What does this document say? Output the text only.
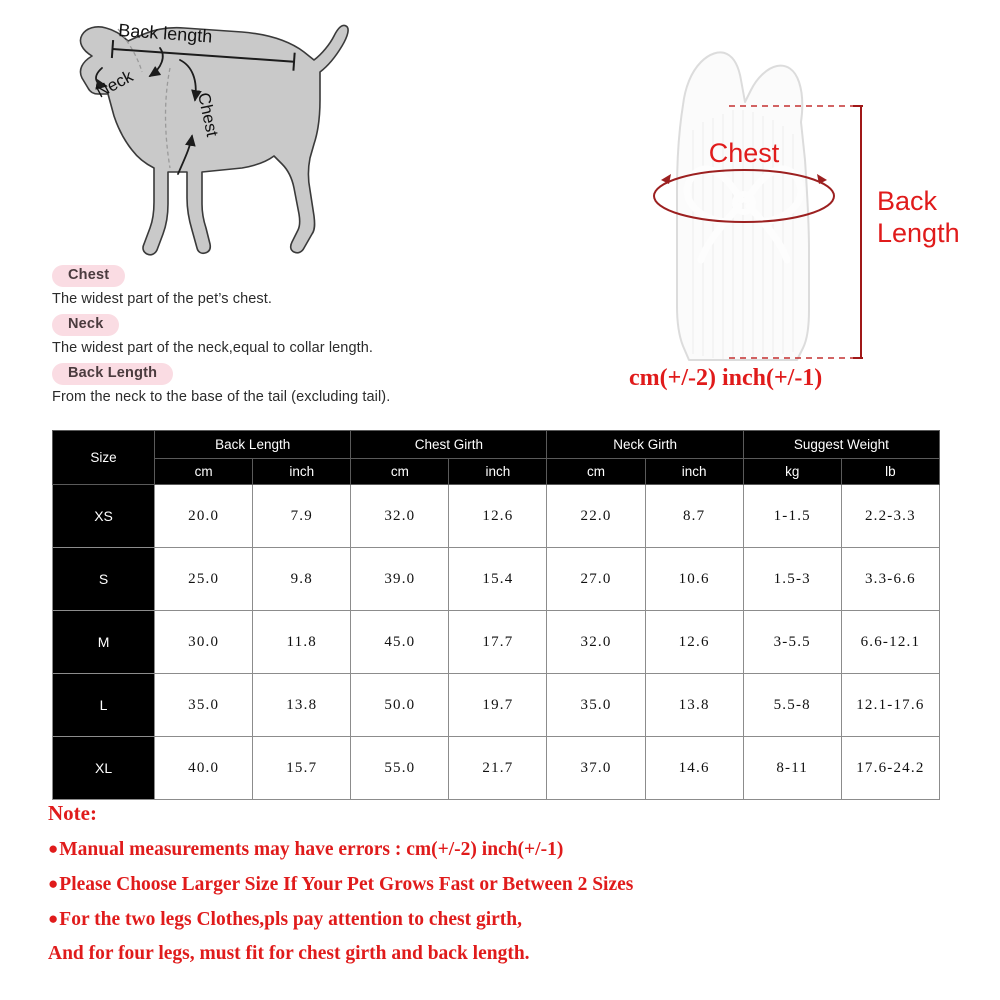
Back length
Neck
Chest
Chest
Back
Length
cm(+/-2) inch(+/-1)
Chest
The widest part of the pet’s chest.
Neck
The widest part of the neck,equal to collar length.
Back Length
From the neck to the base of the tail (excluding tail).
Size	Back Length		Chest Girth		Neck Girth		Suggest Weight	
	cm	inch	cm	inch	cm	inch	kg	lb
XS	20.0	7.9	32.0	12.6	22.0	8.7	1-1.5	2.2-3.3
S	25.0	9.8	39.0	15.4	27.0	10.6	1.5-3	3.3-6.6
M	30.0	11.8	45.0	17.7	32.0	12.6	3-5.5	6.6-12.1
L	35.0	13.8	50.0	19.7	35.0	13.8	5.5-8	12.1-17.6
XL	40.0	15.7	55.0	21.7	37.0	14.6	8-11	17.6-24.2
Note:
●Manual measurements may have errors : cm(+/-2) inch(+/-1)
●Please Choose Larger Size If Your Pet Grows Fast or Between 2 Sizes
●For the two legs Clothes,pls pay attention to chest girth,
And for four legs, must fit for chest girth and back length.
